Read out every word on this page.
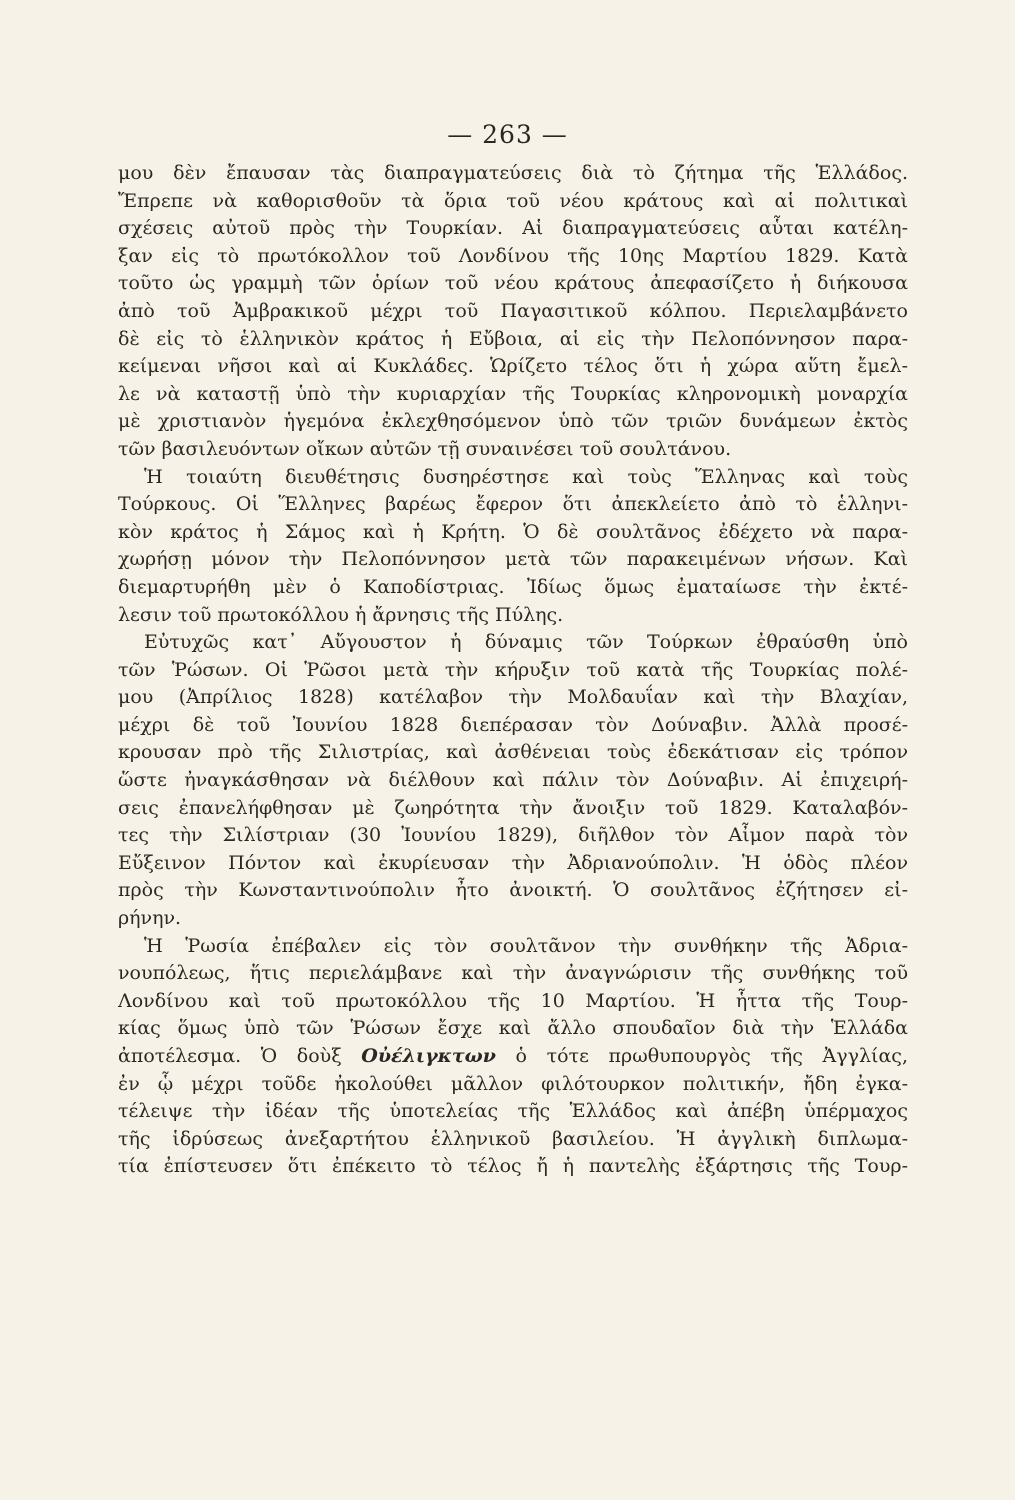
— 263 —
μου δὲν ἔπαυσαν τὰς διαπραγματεύσεις διὰ τὸ ζήτημα τῆς Ἑλλάδος.
Ἔπρεπε νὰ καθορισθοῦν τὰ ὅρια τοῦ νέου κράτους καὶ αἱ πολιτικαὶ
σχέσεις αὐτοῦ πρὸς τὴν Τουρκίαν. Αἱ διαπραγματεύσεις αὗται κατέλη-
ξαν εἰς τὸ πρωτόκολλον τοῦ Λονδίνου τῆς 10ης Μαρτίου 1829. Κατὰ
τοῦτο ὡς γραμμὴ τῶν ὁρίων τοῦ νέου κράτους ἀπεφασίζετο ἡ διήκουσα
ἀπὸ τοῦ Ἀμβρακικοῦ μέχρι τοῦ Παγασιτικοῦ κόλπου. Περιελαμβάνετο
δὲ εἰς τὸ ἑλληνικὸν κράτος ἡ Εὔβοια, αἱ εἰς τὴν Πελοπόννησον παρα-
κείμεναι νῆσοι καὶ αἱ Κυκλάδες. Ὡρίζετο τέλος ὅτι ἡ χώρα αὕτη ἔμελ-
λε νὰ καταστῇ ὑπὸ τὴν κυριαρχίαν τῆς Τουρκίας κληρονομικὴ μοναρχία
μὲ χριστιανὸν ἡγεμόνα ἐκλεχθησόμενον ὑπὸ τῶν τριῶν δυνάμεων ἐκτὸς
τῶν βασιλευόντων οἴκων αὐτῶν τῇ συναινέσει τοῦ σουλτάνου.
Ἡ τοιαύτη διευθέτησις δυσηρέστησε καὶ τοὺς Ἕλληνας καὶ τοὺς
Τούρκους. Οἱ Ἕλληνες βαρέως ἔφερον ὅτι ἀπεκλείετο ἀπὸ τὸ ἑλληνι-
κὸν κράτος ἡ Σάμος καὶ ἡ Κρήτη. Ὁ δὲ σουλτᾶνος ἐδέχετο νὰ παρα-
χωρήσῃ μόνον τὴν Πελοπόννησον μετὰ τῶν παρακειμένων νήσων. Καὶ
διεμαρτυρήθη μὲν ὁ Καποδίστριας. Ἰδίως ὅμως ἐματαίωσε τὴν ἐκτέ-
λεσιν τοῦ πρωτοκόλλου ἡ ἄρνησις τῆς Πύλης.
Εὐτυχῶς κατ᾽ Αὔγουστον ἡ δύναμις τῶν Τούρκων ἐθραύσθη ὑπὸ
τῶν Ῥώσων. Οἱ Ῥῶσοι μετὰ τὴν κήρυξιν τοῦ κατὰ τῆς Τουρκίας πολέ-
μου (Ἀπρίλιος 1828) κατέλαβον τὴν Μολδαυΐαν καὶ τὴν Βλαχίαν,
μέχρι δὲ τοῦ Ἰουνίου 1828 διεπέρασαν τὸν Δούναβιν. Ἀλλὰ προσέ-
κρουσαν πρὸ τῆς Σιλιστρίας, καὶ ἀσθένειαι τοὺς ἐδεκάτισαν εἰς τρόπον
ὥστε ἠναγκάσθησαν νὰ διέλθουν καὶ πάλιν τὸν Δούναβιν. Αἱ ἐπιχειρή-
σεις ἐπανελήφθησαν μὲ ζωηρότητα τὴν ἄνοιξιν τοῦ 1829. Καταλαβόν-
τες τὴν Σιλίστριαν (30 Ἰουνίου 1829), διῆλθον τὸν Αἶμον παρὰ τὸν
Εὔξεινον Πόντον καὶ ἐκυρίευσαν τὴν Ἀδριανούπολιν. Ἡ ὁδὸς πλέον
πρὸς τὴν Κωνσταντινούπολιν ἦτο ἀνοικτή. Ὁ σουλτᾶνος ἐζήτησεν εἰ-
ρήνην.
Ἡ Ῥωσία ἐπέβαλεν εἰς τὸν σουλτᾶνον τὴν συνθήκην τῆς Ἀδρια-
νουπόλεως, ἥτις περιελάμβανε καὶ τὴν ἀναγνώρισιν τῆς συνθήκης τοῦ
Λονδίνου καὶ τοῦ πρωτοκόλλου τῆς 10 Μαρτίου. Ἡ ἧττα τῆς Τουρ-
κίας ὅμως ὑπὸ τῶν Ῥώσων ἔσχε καὶ ἄλλο σπουδαῖον διὰ τὴν Ἑλλάδα
ἀποτέλεσμα. Ὁ δοὺξ Οὐέλιγκτων ὁ τότε πρωθυπουργὸς τῆς Ἀγγλίας,
ἐν ᾧ μέχρι τοῦδε ἠκολούθει μᾶλλον φιλότουρκον πολιτικήν, ἤδη ἐγκα-
τέλειψε τὴν ἰδέαν τῆς ὑποτελείας τῆς Ἑλλάδος καὶ ἀπέβη ὑπέρμαχος
τῆς ἱδρύσεως ἀνεξαρτήτου ἑλληνικοῦ βασιλείου. Ἡ ἀγγλικὴ διπλωμα-
τία ἐπίστευσεν ὅτι ἐπέκειτο τὸ τέλος ἤ ἡ παντελὴς ἐξάρτησις τῆς Τουρ-
